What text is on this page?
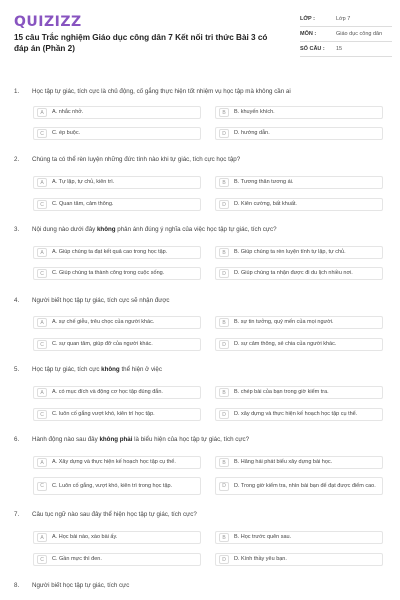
QUIZIZZ
15 câu Trắc nghiệm Giáo dục công dân 7 Kết nối tri thức Bài 3 có đáp án (Phần 2)
LỚP :	Lớp 7
MÔN :	Giáo dục công dân
SỐ CÂU :	15
1.	Học tập tự giác, tích cực là chủ động, cố gắng thực hiện tốt nhiệm vụ học tập mà không cần ai
A	A. nhắc nhở.	B	B. khuyến khích.
C	C. ép buộc.	D	D. hướng dẫn.
2.	Chúng ta có thể rèn luyện những đức tính nào khi tự giác, tích cực học tập?
A	A. Tự lập, tự chủ, kiên trì.	B	B. Tương thân tương ái.
C	C. Quan tâm, cảm thông.	D	D. Kiên cường, bất khuất.
3.	Nội dung nào dưới đây không phản ánh đúng ý nghĩa của việc học tập tự giác, tích cực?
A	A. Giúp chúng ta đạt kết quả cao trong học tập.	B	B. Giúp chúng ta rèn luyện tính tự lập, tự chủ.
C	C. Giúp chúng ta thành công trong cuộc sống.	D	D. Giúp chúng ta nhận được đi du lịch nhiều nơi.
4.	Người biết học tập tự giác, tích cực sẽ nhận được
A	A. sự chế giễu, trêu chọc của người khác.	B	B. sự tin tưởng, quý mến của mọi người.
C	C. sự quan tâm, giúp đỡ của người khác.	D	D. sự cảm thông, sẻ chia của người khác.
5.	Học tập tự giác, tích cực không thể hiện ở việc
A	A. có mục đích và động cơ học tập đúng đắn.	B	B. chép bài của bạn trong giờ kiểm tra.
C	C. luôn cố gắng vượt khó, kiên trì học tập.	D	D. xây dựng và thực hiện kế hoạch học tập cụ thể.
6.	Hành động nào sau đây không phải là biểu hiện của học tập tự giác, tích cực?
A	A. Xây dựng và thực hiện kế hoạch học tập cụ thể.	B	B. Hăng hái phát biểu xây dựng bài học.
C	C. Luôn cố gắng, vượt khó, kiên trì trong học tập.	D	D. Trong giờ kiểm tra, nhìn bài bạn để đạt được điểm cao.
7.	Câu tục ngữ nào sau đây thể hiện học tập tự giác, tích cực?
A	A. Học bài nào, xào bài ấy.	B	B. Học trước quên sau.
C	C. Gần mực thì đen.	D	D. Kính thầy yêu bạn.
8.	Người biết học tập tự giác, tích cực
